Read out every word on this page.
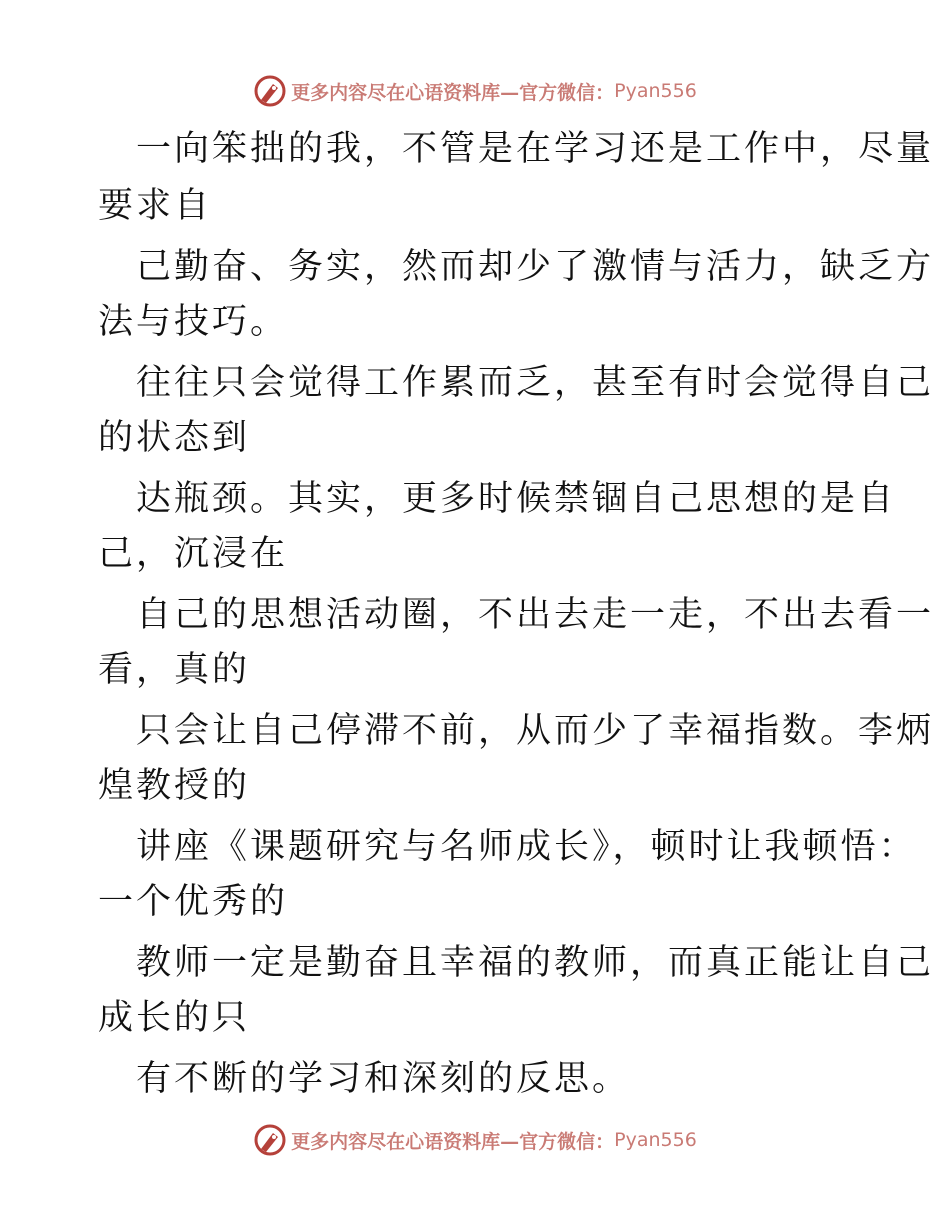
更多内容尽在心语资料库—官方微信： Pyan556
一向笨拙的我，不管是在学习还是工作中，尽量
要求自
己勤奋、务实，然而却少了激情与活力，缺乏方
法与技巧。
往往只会觉得工作累而乏，甚至有时会觉得自己
的状态到
达瓶颈。其实，更多时候禁锢自己思想的是自
己，沉浸在
自己的思想活动圈，不出去走一走，不出去看一
看，真的
只会让自己停滞不前，从而少了幸福指数。李炳
煌教授的
讲座《课题研究与名师成长》，顿时让我顿悟：
一个优秀的
教师一定是勤奋且幸福的教师，而真正能让自己
成长的只
有不断的学习和深刻的反思。
更多内容尽在心语资料库—官方微信： Pyan556
